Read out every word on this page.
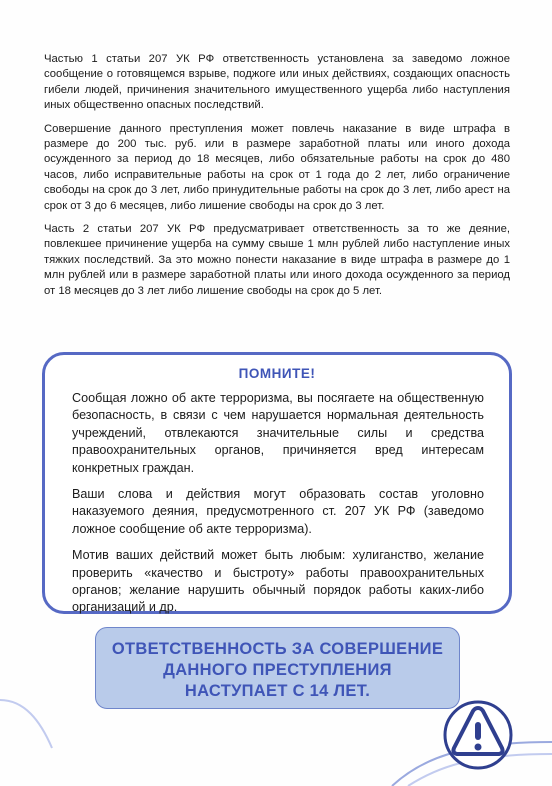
Частью 1 статьи 207 УК РФ ответственность установлена за заведомо ложное сообщение о готовящемся взрыве, поджоге или иных действиях, создающих опасность гибели людей, причинения значительного имущественного ущерба либо наступления иных общественно опасных последствий.

Совершение данного преступления может повлечь наказание в виде штрафа в размере до 200 тыс. руб. или в размере заработной платы или иного дохода осужденного за период до 18 месяцев, либо обязательные работы на срок до 480 часов, либо исправительные работы на срок от 1 года до 2 лет, либо ограничение свободы на срок до 3 лет, либо принудительные работы на срок до 3 лет, либо арест на срок от 3 до 6 месяцев, либо лишение свободы на срок до 3 лет.

Часть 2 статьи 207 УК РФ предусматривает ответственность за то же деяние, повлекшее причинение ущерба на сумму свыше 1 млн рублей либо наступление иных тяжких последствий. За это можно понести наказание в виде штрафа в размере до 1 млн рублей или в размере заработной платы или иного дохода осужденного за период от 18 месяцев до 3 лет либо лишение свободы на срок до 5 лет.

ПОМНИТЕ!

Сообщая ложно об акте терроризма, вы посягаете на общественную безопасность, в связи с чем нарушается нормальная деятельность учреждений, отвлекаются значительные силы и средства правоохранительных органов, причиняется вред интересам конкретных граждан.

Ваши слова и действия могут образовать состав уголовно наказуемого деяния, предусмотренного ст. 207 УК РФ (заведомо ложное сообщение об акте терроризма).

Мотив ваших действий может быть любым: хулиганство, желание проверить «качество и быстроту» работы правоохранительных органов; желание нарушить обычный порядок работы каких-либо организаций и др.

ОТВЕТСТВЕННОСТЬ ЗА СОВЕРШЕНИЕ
ДАННОГО ПРЕСТУПЛЕНИЯ
НАСТУПАЕТ С 14 ЛЕТ.
